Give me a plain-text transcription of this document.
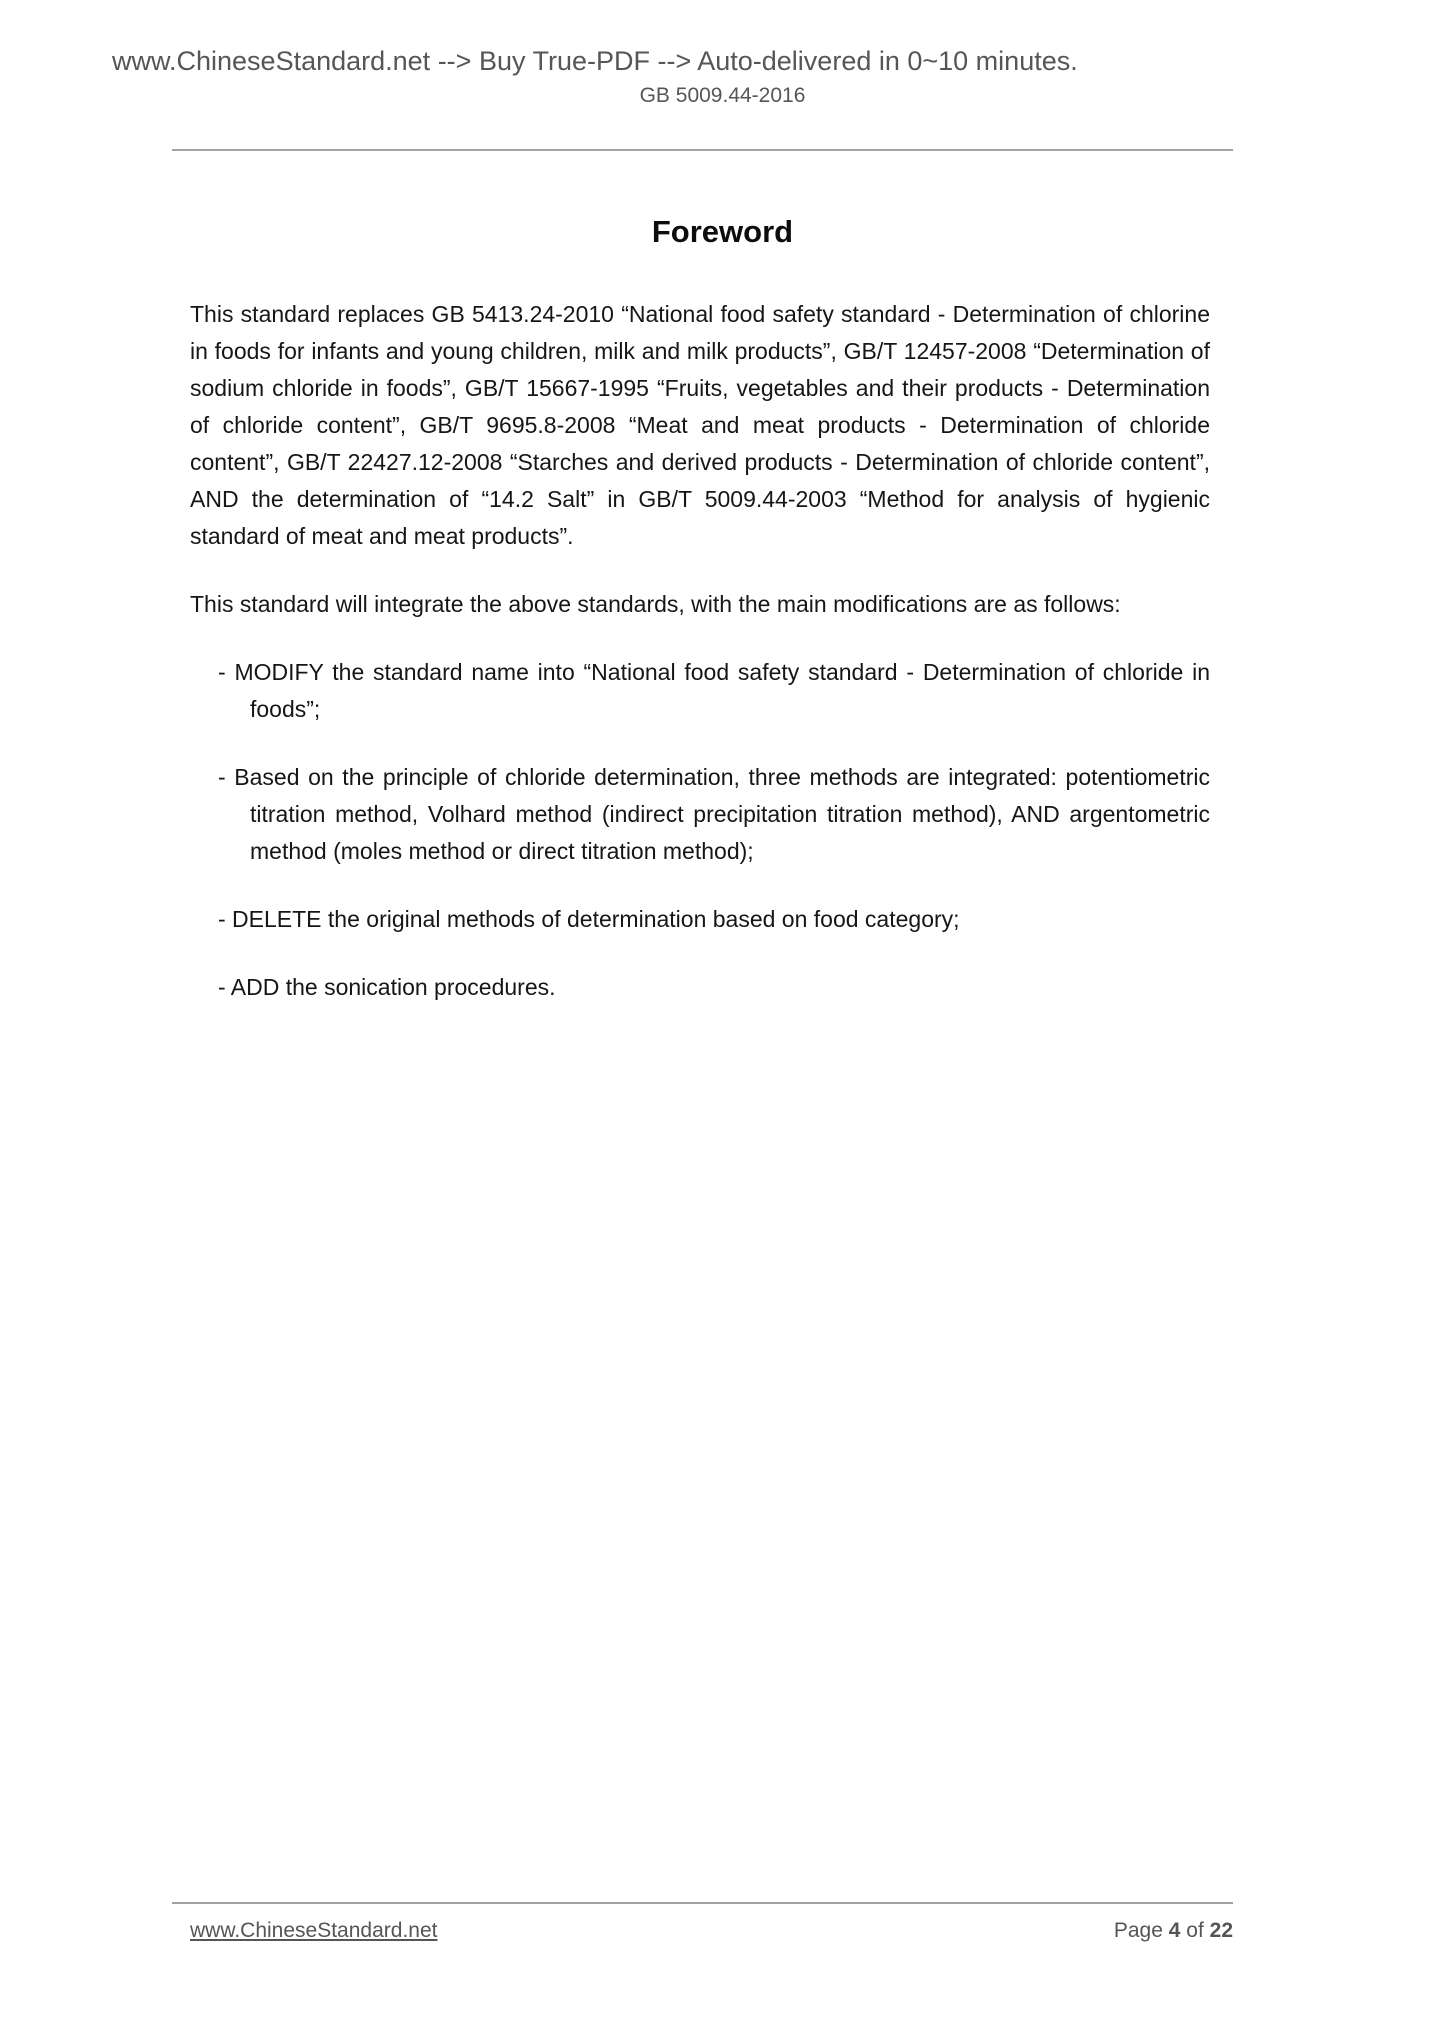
www.ChineseStandard.net --> Buy True-PDF --> Auto-delivered in 0~10 minutes.
GB 5009.44-2016
Foreword

This standard replaces GB 5413.24-2010 “National food safety standard - Determination of chlorine in foods for infants and young children, milk and milk products”, GB/T 12457-2008 “Determination of sodium chloride in foods”, GB/T 15667-1995 “Fruits, vegetables and their products - Determination of chloride content”, GB/T 9695.8-2008 “Meat and meat products - Determination of chloride content”, GB/T 22427.12-2008 “Starches and derived products - Determination of chloride content”, AND the determination of “14.2 Salt” in GB/T 5009.44-2003 “Method for analysis of hygienic standard of meat and meat products”.

This standard will integrate the above standards, with the main modifications are as follows:

- MODIFY the standard name into “National food safety standard - Determination of chloride in foods”;

- Based on the principle of chloride determination, three methods are integrated: potentiometric titration method, Volhard method (indirect precipitation titration method), AND argentometric method (moles method or direct titration method);

- DELETE the original methods of determination based on food category;

- ADD the sonication procedures.

www.ChineseStandard.net	Page 4 of 22
